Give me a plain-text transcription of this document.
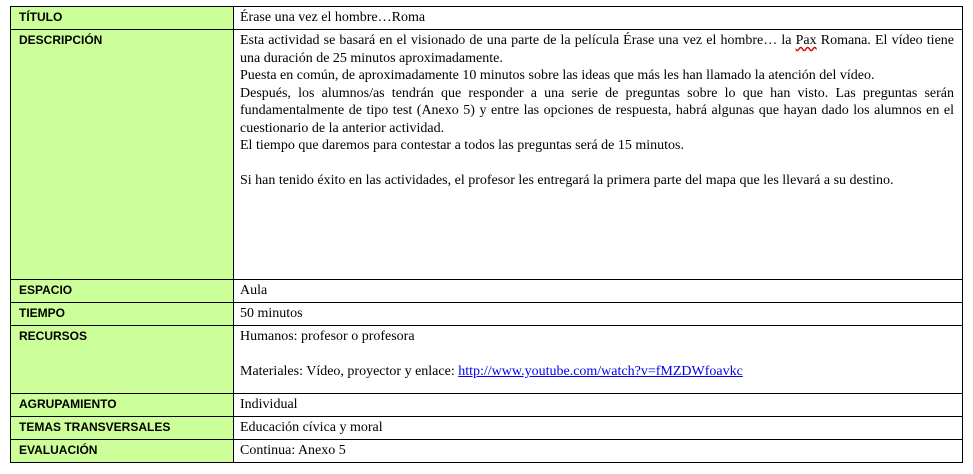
TÍTULO	Érase una vez el hombre…Roma
DESCRIPCIÓN	Esta actividad se basará en el visionado de una parte de la película Érase una vez el hombre… la Pax Romana. El vídeo tiene una duración de 25 minutos aproximadamente.

Puesta en común, de aproximadamente 10 minutos sobre las ideas que más les han llamado la atención del vídeo.

Después, los alumnos/as tendrán que responder a una serie de preguntas sobre lo que han visto. Las preguntas serán fundamentalmente de tipo test (Anexo 5) y entre las opciones de respuesta, habrá algunas que hayan dado los alumnos en el cuestionario de la anterior actividad.

El tiempo que daremos para contestar a todos las preguntas será de 15 minutos.

Si han tenido éxito en las actividades, el profesor les entregará la primera parte del mapa que les llevará a su destino.

ESPACIO	Aula
TIEMPO	50 minutos
RECURSOS	Humanos: profesor o profesora

Materiales: Vídeo, proyector y enlace: http://www.youtube.com/watch?v=fMZDWfoavkc

AGRUPAMIENTO	Individual
TEMAS TRANSVERSALES	Educación cívica y moral
EVALUACIÓN	Continua: Anexo 5
